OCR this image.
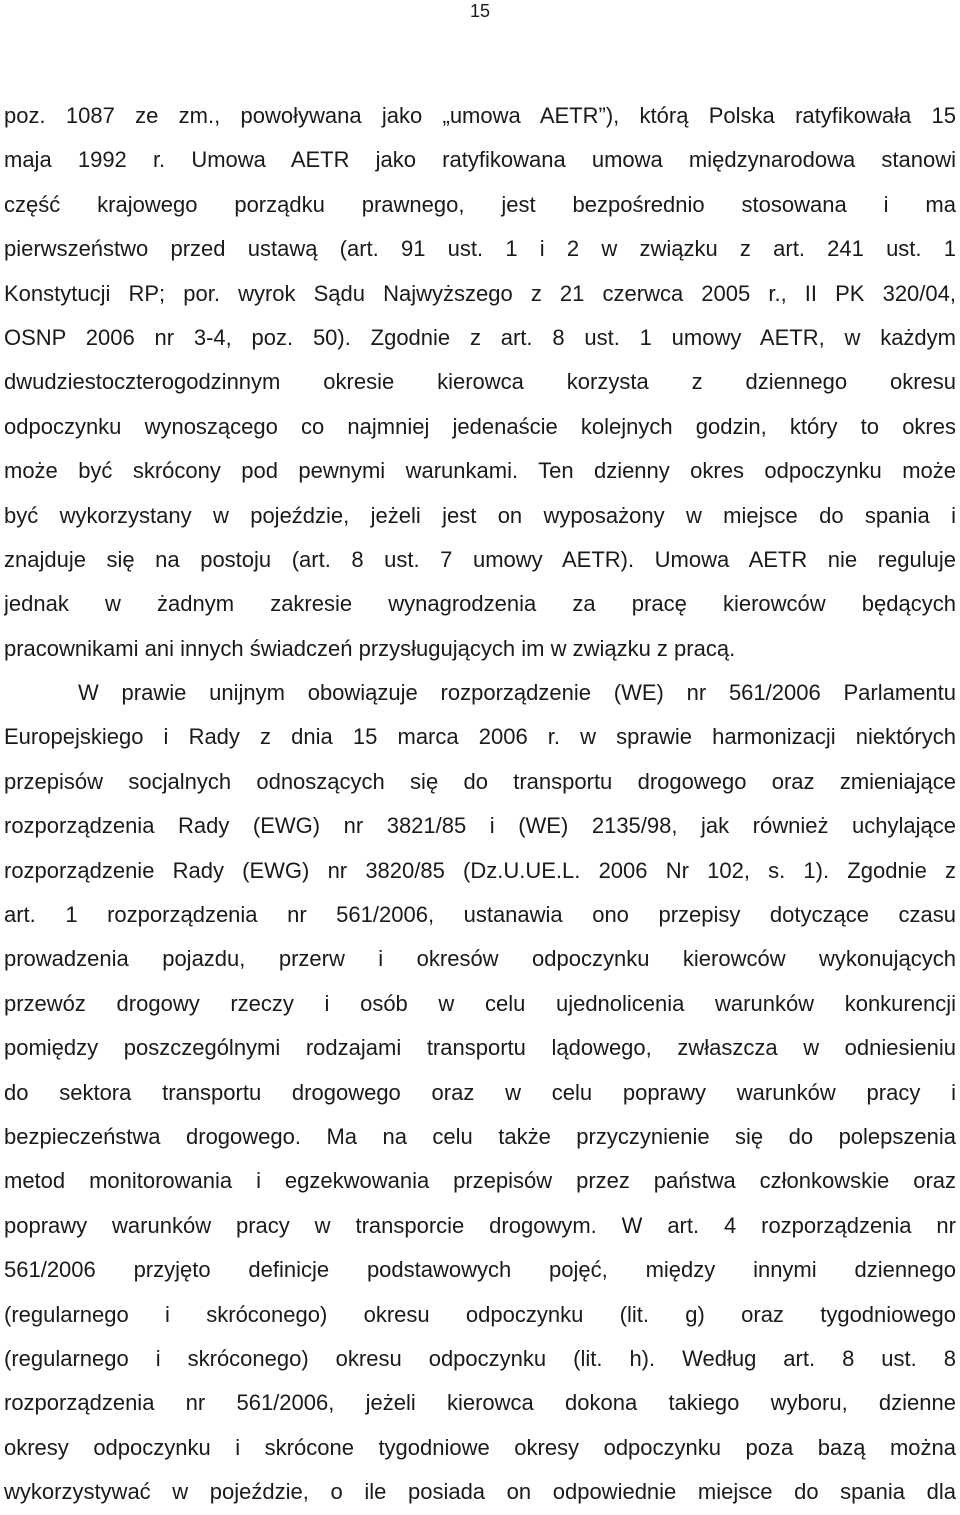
15
poz. 1087 ze zm., powoływana jako „umowa AETR”), którą Polska ratyfikowała 15
maja 1992 r. Umowa AETR jako ratyfikowana umowa międzynarodowa stanowi
część krajowego porządku prawnego, jest bezpośrednio stosowana i ma
pierwszeństwo przed ustawą (art. 91 ust. 1 i 2 w związku z art. 241 ust. 1
Konstytucji RP; por. wyrok Sądu Najwyższego z 21 czerwca 2005 r., II PK 320/04,
OSNP 2006 nr 3-4, poz. 50). Zgodnie z art. 8 ust. 1 umowy AETR, w każdym
dwudziestoczterogodzinnym okresie kierowca korzysta z dziennego okresu
odpoczynku wynoszącego co najmniej jedenaście kolejnych godzin, który to okres
może być skrócony pod pewnymi warunkami. Ten dzienny okres odpoczynku może
być wykorzystany w pojeździe, jeżeli jest on wyposażony w miejsce do spania i
znajduje się na postoju (art. 8 ust. 7 umowy AETR). Umowa AETR nie reguluje
jednak w żadnym zakresie wynagrodzenia za pracę kierowców będących
pracownikami ani innych świadczeń przysługujących im w związku z pracą.
W prawie unijnym obowiązuje rozporządzenie (WE) nr 561/2006 Parlamentu
Europejskiego i Rady z dnia 15 marca 2006 r. w sprawie harmonizacji niektórych
przepisów socjalnych odnoszących się do transportu drogowego oraz zmieniające
rozporządzenia Rady (EWG) nr 3821/85 i (WE) 2135/98, jak również uchylające
rozporządzenie Rady (EWG) nr 3820/85 (Dz.U.UE.L. 2006 Nr 102, s. 1). Zgodnie z
art. 1 rozporządzenia nr 561/2006, ustanawia ono przepisy dotyczące czasu
prowadzenia pojazdu, przerw i okresów odpoczynku kierowców wykonujących
przewóz drogowy rzeczy i osób w celu ujednolicenia warunków konkurencji
pomiędzy poszczególnymi rodzajami transportu lądowego, zwłaszcza w odniesieniu
do sektora transportu drogowego oraz w celu poprawy warunków pracy i
bezpieczeństwa drogowego. Ma na celu także przyczynienie się do polepszenia
metod monitorowania i egzekwowania przepisów przez państwa członkowskie oraz
poprawy warunków pracy w transporcie drogowym. W art. 4 rozporządzenia nr
561/2006 przyjęto definicje podstawowych pojęć, między innymi dziennego
(regularnego i skróconego) okresu odpoczynku (lit. g) oraz tygodniowego
(regularnego i skróconego) okresu odpoczynku (lit. h). Według art. 8 ust. 8
rozporządzenia nr 561/2006, jeżeli kierowca dokona takiego wyboru, dzienne
okresy odpoczynku i skrócone tygodniowe okresy odpoczynku poza bazą można
wykorzystywać w pojeździe, o ile posiada on odpowiednie miejsce do spania dla
